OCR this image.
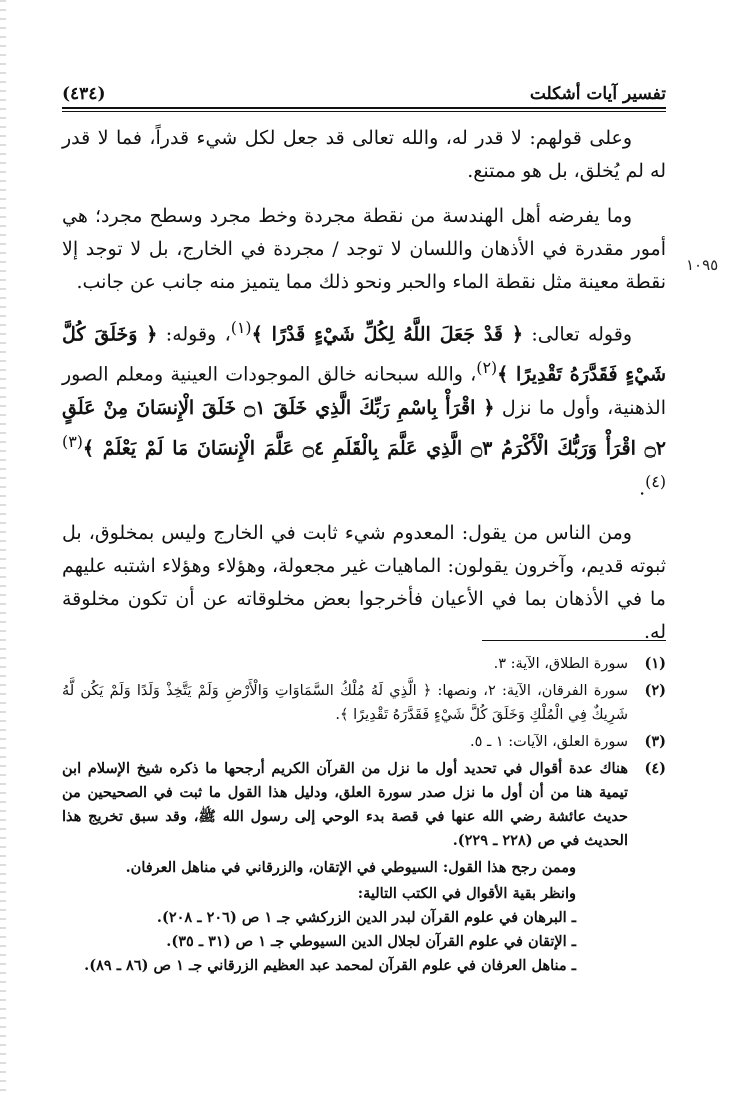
تفسير آيات أشكلت
(٤٣٤)
١٠٩٥

وعلى قولهم: لا قدر له، والله تعالى قد جعل لكل شيء قدراً، فما لا قدر له لم يُخلق، بل هو ممتنع.

وما يفرضه أهل الهندسة من نقطة مجردة وخط مجرد وسطح مجرد؛ هي أمور مقدرة في الأذهان واللسان لا توجد / مجردة في الخارج، بل لا توجد إلا نقطة معينة مثل نقطة الماء والحبر ونحو ذلك مما يتميز منه جانب عن جانب.

وقوله تعالى: ﴿ قَدْ جَعَلَ اللَّهُ لِكُلِّ شَيْءٍ قَدْرًا ﴾$^{(١)}$، وقوله: ﴿ وَخَلَقَ كُلَّ شَيْءٍ فَقَدَّرَهُ تَقْدِيرًا ﴾$^{(٢)}$، والله سبحانه خالق الموجودات العينية ومعلم الصور الذهنية، وأول ما نزل ﴿ اقْرَأْ بِاسْمِ رَبِّكَ الَّذِي خَلَقَ ۝١ خَلَقَ الْإِنسَانَ مِنْ عَلَقٍ ۝٢ اقْرَأْ وَرَبُّكَ الْأَكْرَمُ ۝٣ الَّذِي عَلَّمَ بِالْقَلَمِ ۝٤ عَلَّمَ الْإِنسَانَ مَا لَمْ يَعْلَمْ ﴾$^{(٣) (٤)}$.

ومن الناس من يقول: المعدوم شيء ثابت في الخارج وليس بمخلوق، بل ثبوته قديم، وآخرون يقولون: الماهيات غير مجعولة، وهؤلاء وهؤلاء اشتبه عليهم ما في الأذهان بما في الأعيان فأخرجوا بعض مخلوقاته عن أن تكون مخلوقة له.

(١)
سورة الطلاق، الآية: ٣.
(٢)
سورة الفرقان، الآية: ٢، ونصها: ﴿ الَّذِي لَهُ مُلْكُ السَّمَاوَاتِ وَالْأَرْضِ وَلَمْ يَتَّخِذْ وَلَدًا وَلَمْ يَكُن لَّهُ شَرِيكٌ فِي الْمُلْكِ وَخَلَقَ كُلَّ شَيْءٍ فَقَدَّرَهُ تَقْدِيرًا ﴾.
(٣)
سورة العلق، الآيات: ١ ـ ٥.
(٤)
هناك عدة أقوال في تحديد أول ما نزل من القرآن الكريم أرجحها ما ذكره شيخ الإسلام ابن تيمية هنا من أن أول ما نزل صدر سورة العلق، ودليل هذا القول ما ثبت في الصحيحين من حديث عائشة رضي الله عنها في قصة بدء الوحي إلى رسول الله ﷺ، وقد سبق تخريج هذا الحديث في ص (٢٢٨ ـ ٢٢٩).
وممن رجح هذا القول: السيوطي في الإتقان، والزرقاني في مناهل العرفان.
وانظر بقية الأقوال في الكتب التالية:
ـ البرهان في علوم القرآن لبدر الدين الزركشي جـ ١ ص (٢٠٦ ـ ٢٠٨).
ـ الإتقان في علوم القرآن لجلال الدين السيوطي جـ ١ ص (٣١ ـ ٣٥).
ـ مناهل العرفان في علوم القرآن لمحمد عبد العظيم الزرقاني جـ ١ ص (٨٦ ـ ٨٩).
